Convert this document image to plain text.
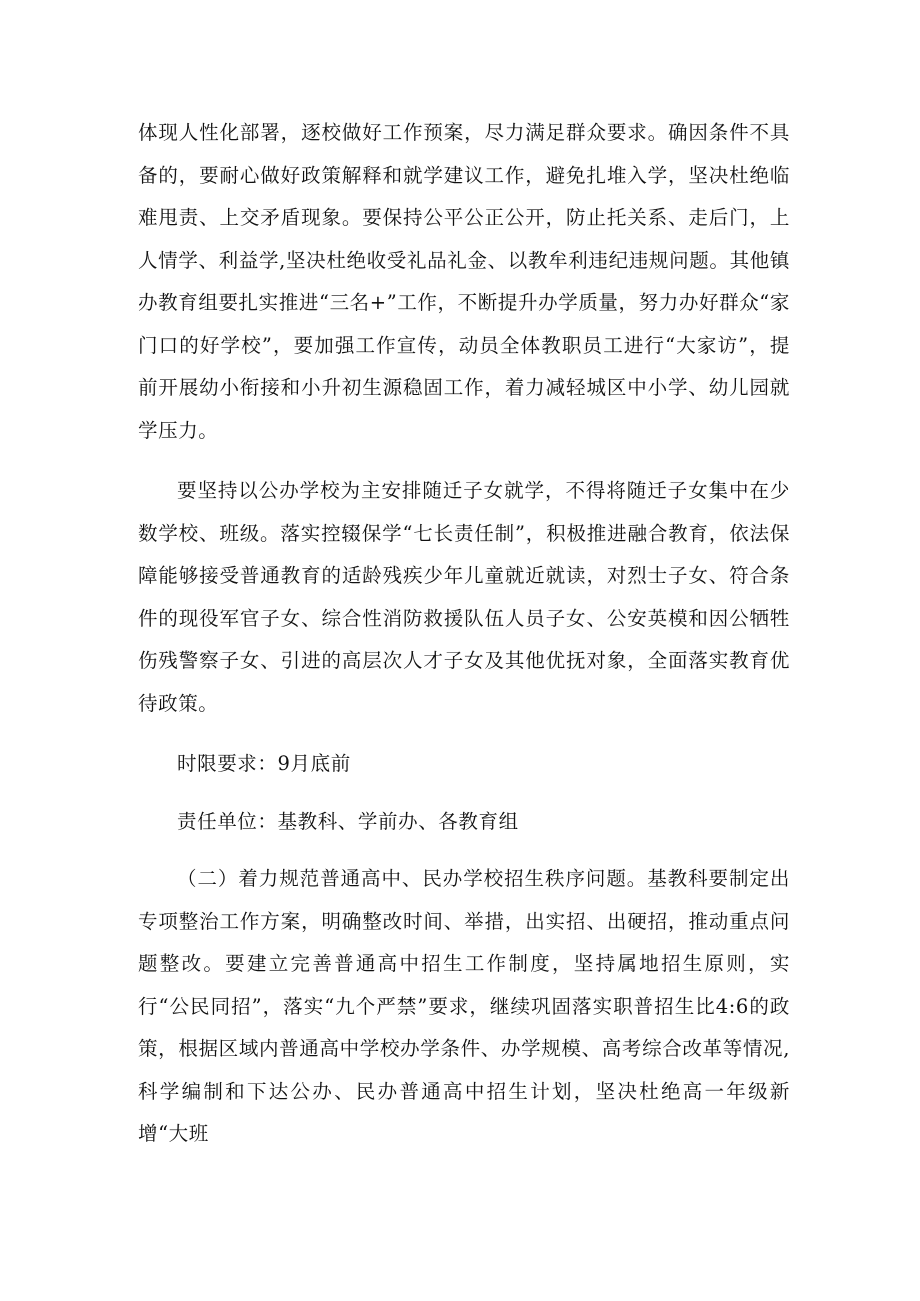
体现人性化部署，逐校做好工作预案，尽力满足群众要求。确因条件不具备的，要耐心做好政策解释和就学建议工作，避免扎堆入学，坚决杜绝临难甩责、上交矛盾现象。要保持公平公正公开，防止托关系、走后门，上人情学、利益学,坚决杜绝收受礼品礼金、以教牟利违纪违规问题。其他镇办教育组要扎实推进“三名+”工作，不断提升办学质量，努力办好群众“家门口的好学校”，要加强工作宣传，动员全体教职员工进行“大家访”，提前开展幼小衔接和小升初生源稳固工作，着力减轻城区中小学、幼儿园就学压力。

要坚持以公办学校为主安排随迁子女就学，不得将随迁子女集中在少数学校、班级。落实控辍保学“七长责任制”，积极推进融合教育，依法保障能够接受普通教育的适龄残疾少年儿童就近就读，对烈士子女、符合条件的现役军官子女、综合性消防救援队伍人员子女、公安英模和因公牺牲伤残警察子女、引进的高层次人才子女及其他优抚对象，全面落实教育优待政策。

时限要求：9月底前

责任单位：基教科、学前办、各教育组

（二）着力规范普通高中、民办学校招生秩序问题。基教科要制定出专项整治工作方案，明确整改时间、举措，出实招、出硬招，推动重点问题整改。要建立完善普通高中招生工作制度，坚持属地招生原则，实行“公民同招”，落实“九个严禁”要求，继续巩固落实职普招生比4:6的政策，根据区域内普通高中学校办学条件、办学规模、高考综合改革等情况,科学编制和下达公办、民办普通高中招生计划，坚决杜绝高一年级新增“大班
